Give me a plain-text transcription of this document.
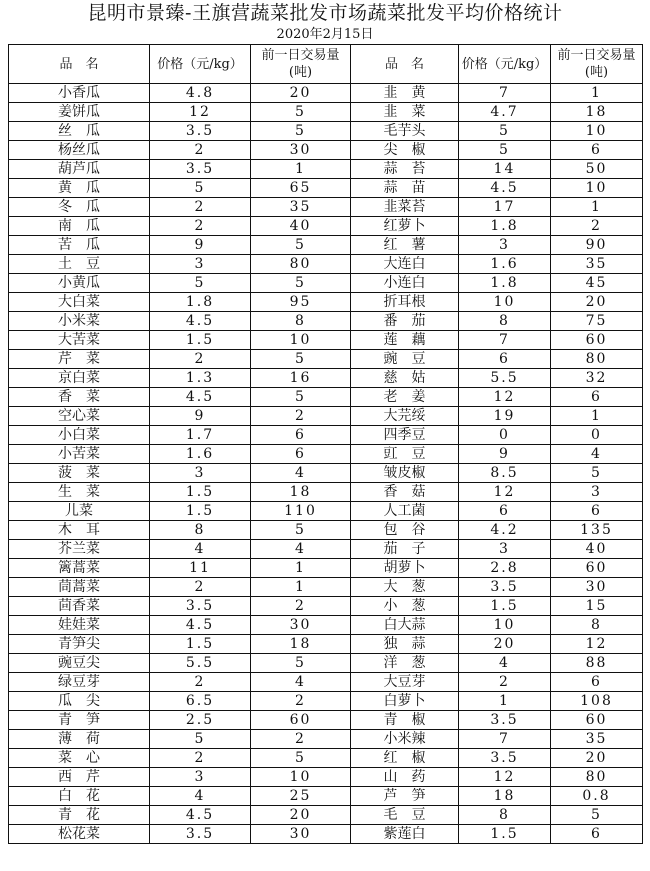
昆明市景臻-王旗营蔬菜批发市场蔬菜批发平均价格统计
2020年2月15日
品　名	价格（元/kg）	前一日交易量(吨)	品　名	价格（元/kg）	前一日交易量(吨)
小香瓜	4.8	20	韭　黄	7	1
姜饼瓜	12	5	韭　菜	4.7	18
丝　瓜	3.5	5	毛芋头	5	10
杨丝瓜	2	30	尖　椒	5	6
葫芦瓜	3.5	1	蒜　苔	14	50
黄　瓜	5	65	蒜　苗	4.5	10
冬　瓜	2	35	韭菜苔	17	1
南　瓜	2	40	红萝卜	1.8	2
苦　瓜	9	5	红　薯	3	90
土　豆	3	80	大连白	1.6	35
小黄瓜	5	5	小连白	1.8	45
大白菜	1.8	95	折耳根	10	20
小米菜	4.5	8	番　茄	8	75
大苦菜	1.5	10	莲　藕	7	60
芹　菜	2	5	豌　豆	6	80
京白菜	1.3	16	慈　姑	5.5	32
香　菜	4.5	5	老　姜	12	6
空心菜	9	2	大芫绥	19	1
小白菜	1.7	6	四季豆	0	0
小苦菜	1.6	6	豇　豆	9	4
菠　菜	3	4	皱皮椒	8.5	5
生　菜	1.5	18	香　菇	12	3
儿菜	1.5	110	人工菌	6	6
木　耳	8	5	包　谷	4.2	135
芥兰菜	4	4	茄　子	3	40
篱蒿菜	11	1	胡萝卜	2.8	60
茼蒿菜	2	1	大　葱	3.5	30
茴香菜	3.5	2	小　葱	1.5	15
娃娃菜	4.5	30	白大蒜	10	8
青笋尖	1.5	18	独　蒜	20	12
豌豆尖	5.5	5	洋　葱	4	88
绿豆芽	2	4	大豆芽	2	6
瓜　尖	6.5	2	白萝卜	1	108
青　笋	2.5	60	青　椒	3.5	60
薄　荷	5	2	小米辣	7	35
菜　心	2	5	红　椒	3.5	20
西　芹	3	10	山　药	12	80
白　花	4	25	芦　笋	18	0.8
青　花	4.5	20	毛　豆	8	5
松花菜	3.5	30	紫莲白	1.5	6
